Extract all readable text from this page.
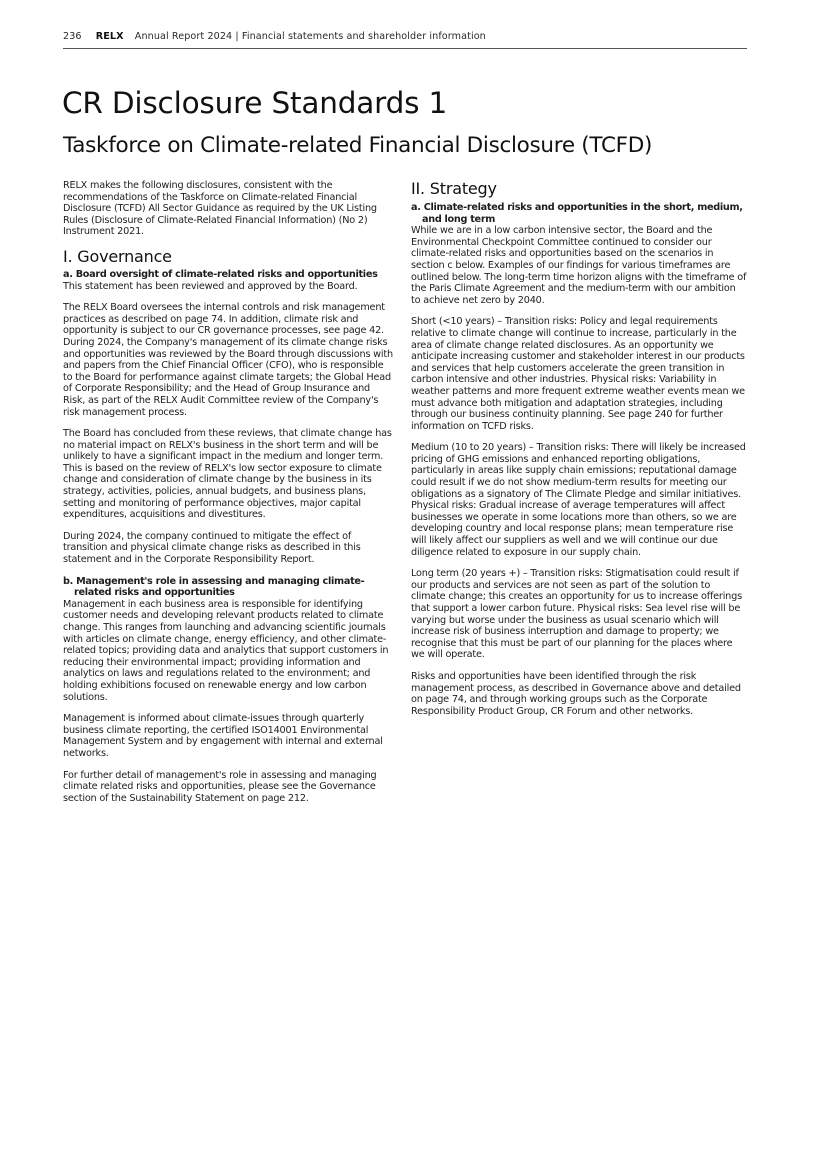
236 RELX Annual Report 2024 | Financial statements and shareholder information
CR Disclosure Standards 1
Taskforce on Climate-related Financial Disclosure (TCFD)

RELX makes the following disclosures, consistent with the recommendations of the Taskforce on Climate-related Financial Disclosure (TCFD) All Sector Guidance as required by the UK Listing Rules (Disclosure of Climate-Related Financial Information) (No 2) Instrument 2021.

I. Governance
a. Board oversight of climate-related risks and opportunities

This statement has been reviewed and approved by the Board.

The RELX Board oversees the internal controls and risk management practices as described on page 74. In addition, climate risk and opportunity is subject to our CR governance processes, see page 42. During 2024, the Company's management of its climate change risks and opportunities was reviewed by the Board through discussions with and papers from the Chief Financial Officer (CFO), who is responsible to the Board for performance against climate targets; the Global Head of Corporate Responsibility; and the Head of Group Insurance and Risk, as part of the RELX Audit Committee review of the Company's risk management process.

The Board has concluded from these reviews, that climate change has no material impact on RELX's business in the short term and will be unlikely to have a significant impact in the medium and longer term. This is based on the review of RELX's low sector exposure to climate change and consideration of climate change by the business in its strategy, activities, policies, annual budgets, and business plans, setting and monitoring of performance objectives, major capital expenditures, acquisitions and divestitures.

During 2024, the company continued to mitigate the effect of transition and physical climate change risks as described in this statement and in the Corporate Responsibility Report.

b. Management's role in assessing and managing climate-related risks and opportunities

Management in each business area is responsible for identifying customer needs and developing relevant products related to climate change. This ranges from launching and advancing scientific journals with articles on climate change, energy efficiency, and other climate-related topics; providing data and analytics that support customers in reducing their environmental impact; providing information and analytics on laws and regulations related to the environment; and holding exhibitions focused on renewable energy and low carbon solutions.

Management is informed about climate-issues through quarterly business climate reporting, the certified ISO14001 Environmental Management System and by engagement with internal and external networks.

For further detail of management's role in assessing and managing climate related risks and opportunities, please see the Governance section of the Sustainability Statement on page 212.

II. Strategy
a. Climate-related risks and opportunities in the short, medium, and long term

While we are in a low carbon intensive sector, the Board and the Environmental Checkpoint Committee continued to consider our climate-related risks and opportunities based on the scenarios in section c below. Examples of our findings for various timeframes are outlined below. The long-term time horizon aligns with the timeframe of the Paris Climate Agreement and the medium-term with our ambition to achieve net zero by 2040.

Short (<10 years) – Transition risks: Policy and legal requirements relative to climate change will continue to increase, particularly in the area of climate change related disclosures. As an opportunity we anticipate increasing customer and stakeholder interest in our products and services that help customers accelerate the green transition in carbon intensive and other industries. Physical risks: Variability in weather patterns and more frequent extreme weather events mean we must advance both mitigation and adaptation strategies, including through our business continuity planning. See page 240 for further information on TCFD risks.

Medium (10 to 20 years) – Transition risks: There will likely be increased pricing of GHG emissions and enhanced reporting obligations, particularly in areas like supply chain emissions; reputational damage could result if we do not show medium-term results for meeting our obligations as a signatory of The Climate Pledge and similar initiatives. Physical risks: Gradual increase of average temperatures will affect businesses we operate in some locations more than others, so we are developing country and local response plans; mean temperature rise will likely affect our suppliers as well and we will continue our due diligence related to exposure in our supply chain.

Long term (20 years +) – Transition risks: Stigmatisation could result if our products and services are not seen as part of the solution to climate change; this creates an opportunity for us to increase offerings that support a lower carbon future. Physical risks: Sea level rise will be varying but worse under the business as usual scenario which will increase risk of business interruption and damage to property; we recognise that this must be part of our planning for the places where we will operate.

Risks and opportunities have been identified through the risk management process, as described in Governance above and detailed on page 74, and through working groups such as the Corporate Responsibility Product Group, CR Forum and other networks.
